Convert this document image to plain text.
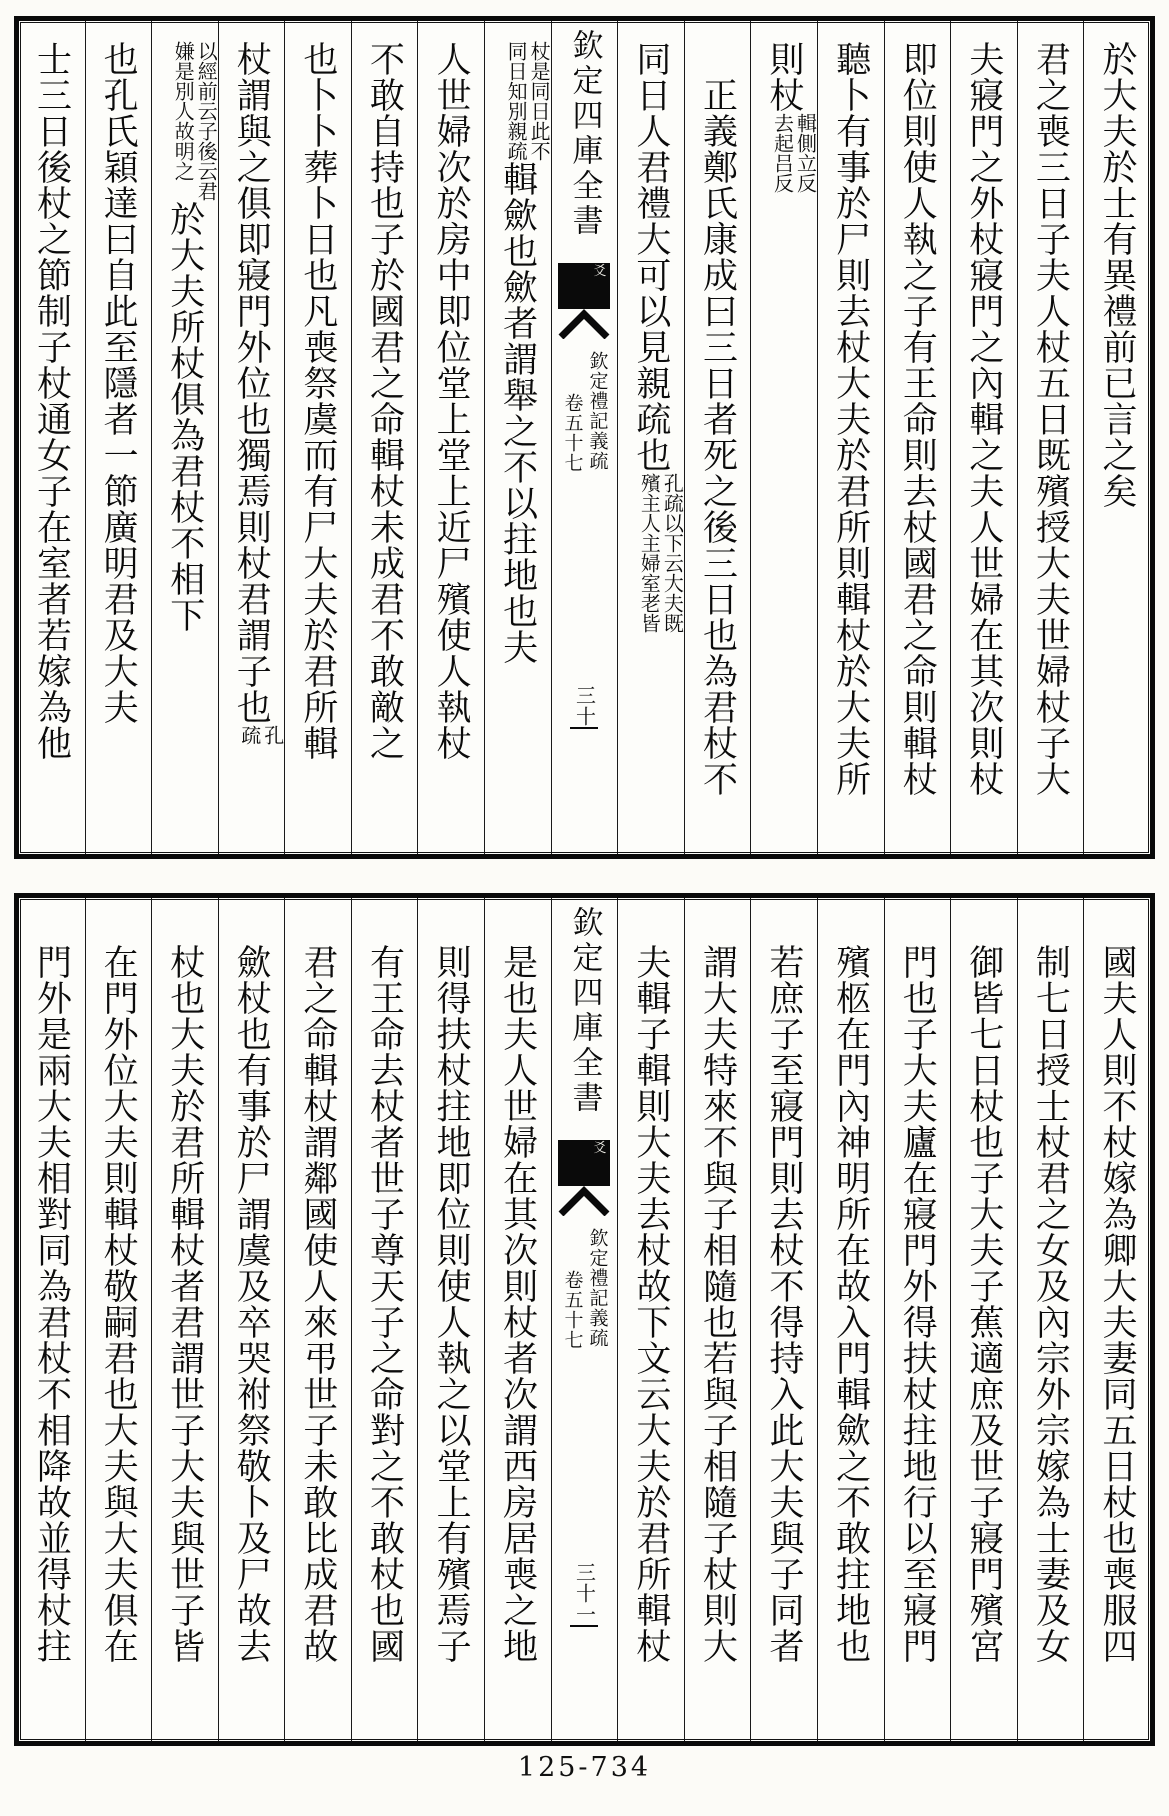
於大夫於士有異禮前已言之矣
君之喪三日子夫人杖五日既殯授大夫世婦杖子大
夫寢門之外杖寢門之內輯之夫人世婦在其次則杖
即位則使人執之子有王命則去杖國君之命則輯杖
聽卜有事於尸則去杖大夫於君所則輯杖於大夫所
則杖輯側立反
去起吕反
　正義鄭氏康成曰三日者死之後三日也為君杖不
同日人君禮大可以見親疏也孔疏以下云大夫既
殯主人主婦室老皆
欽定四庫全書
爻
欽定禮記義疏
卷五十七
三十
杖是同日此不
同日知別親疏輯歛也歛者謂舉之不以拄地也夫
人世婦次於房中即位堂上堂上近尸殯使人執杖
不敢自持也子於國君之命輯杖未成君不敢敵之
也卜卜葬卜日也凡喪祭虞而有尸大夫於君所輯
杖謂與之俱即寢門外位也獨焉則杖君謂子也孔
疏
以經前云子後云君
嫌是別人故明之於大夫所杖俱為君杖不相下
也孔氏穎達曰自此至隱者一節廣明君及大夫
士三日後杖之節制子杖通女子在室者若嫁為他
國夫人則不杖嫁為卿大夫妻同五日杖也喪服四
制七日授士杖君之女及內宗外宗嫁為士妻及女
御皆七日杖也子大夫子蕉適庶及世子寢門殯宮
門也子大夫廬在寢門外得扶杖拄地行以至寢門
殯柩在門內神明所在故入門輯歛之不敢拄地也
若庶子至寢門則去杖不得持入此大夫與子同者
謂大夫特來不與子相隨也若與子相隨子杖則大
夫輯子輯則大夫去杖故下文云大夫於君所輯杖
欽定四庫全書
爻
欽定禮記義疏
卷五十七
三十一
是也夫人世婦在其次則杖者次謂西房居喪之地
則得扶杖拄地即位則使人執之以堂上有殯焉子
有王命去杖者世子尊天子之命對之不敢杖也國
君之命輯杖謂鄰國使人來弔世子未敢比成君故
歛杖也有事於尸謂虞及卒哭祔祭敬卜及尸故去
杖也大夫於君所輯杖者君謂世子大夫與世子皆
在門外位大夫則輯杖敬嗣君也大夫與大夫俱在
門外是兩大夫相對同為君杖不相降故並得杖拄
125-734
